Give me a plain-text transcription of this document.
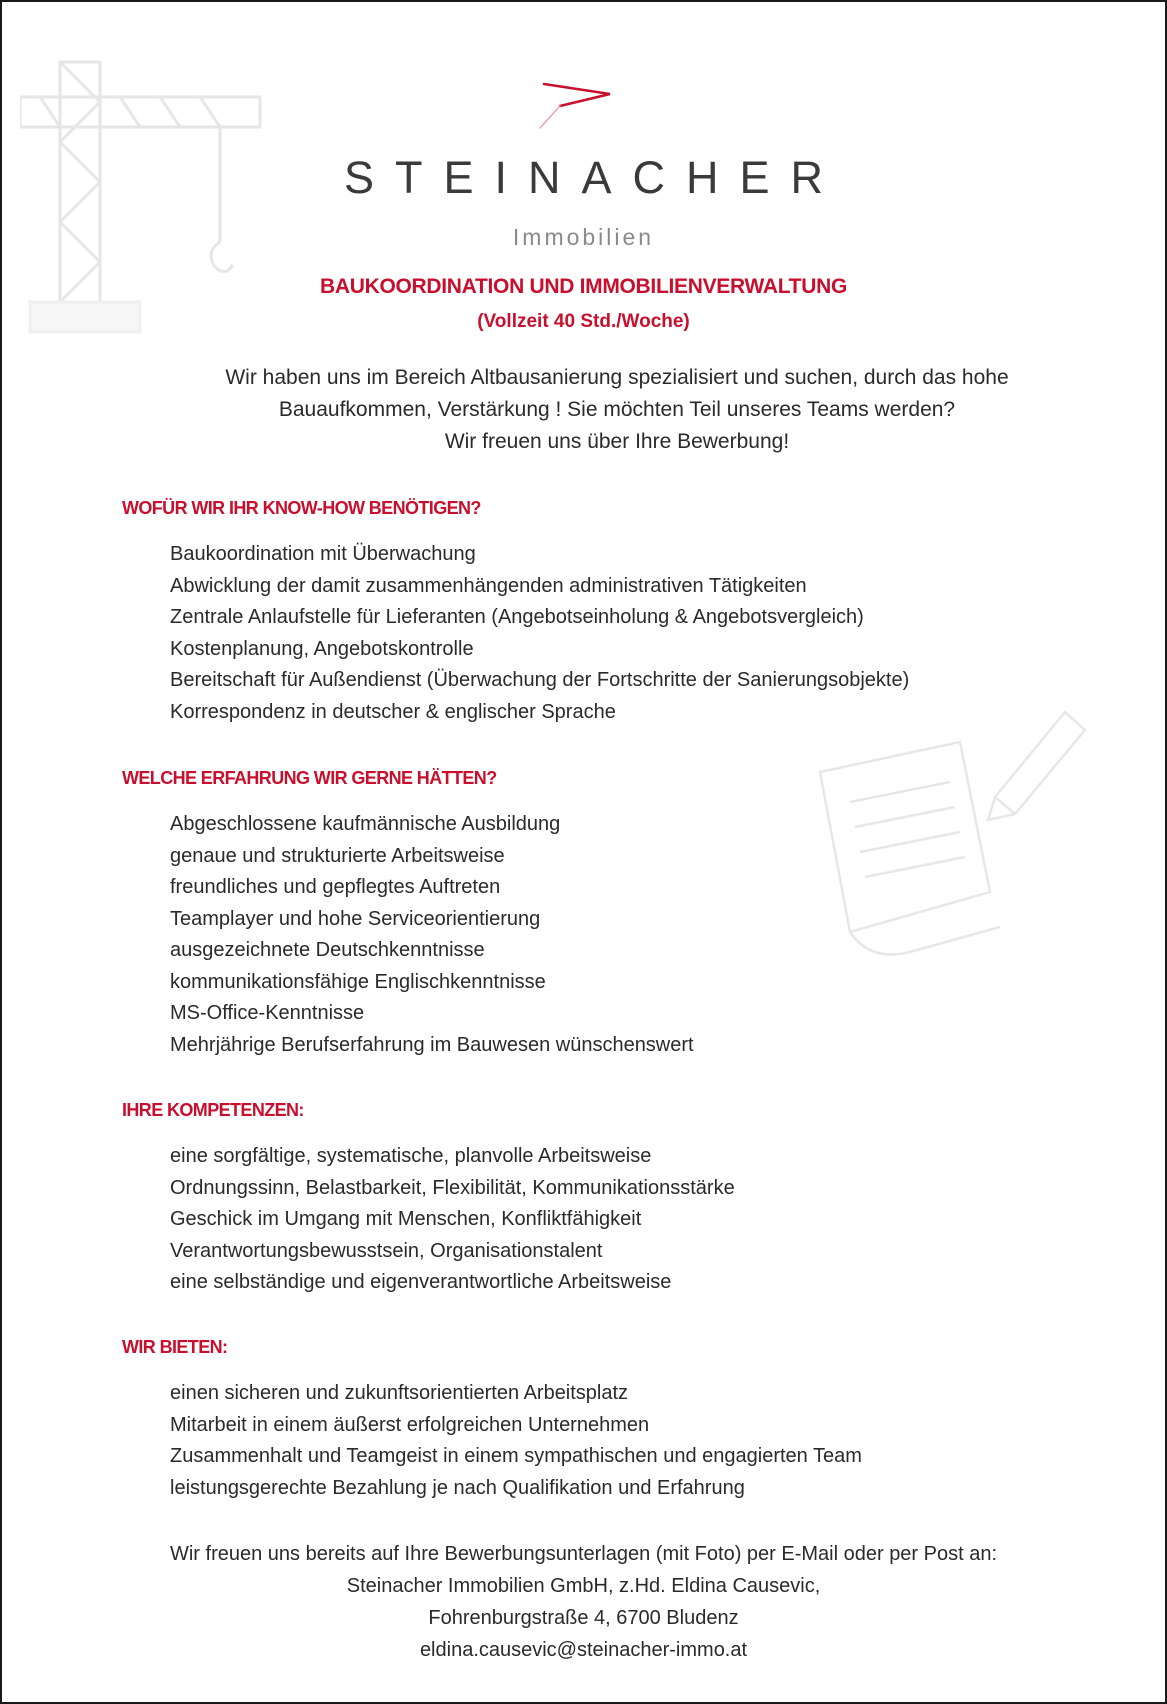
STEINACHER
Immobilien
BAUKOORDINATION UND IMMOBILIENVERWALTUNG
(Vollzeit 40 Std./Woche)
Wir haben uns im Bereich Altbausanierung spezialisiert und suchen, durch das hohe
Bauaufkommen, Verstärkung ! Sie möchten Teil unseres Teams werden?
Wir freuen uns über Ihre Bewerbung!
WOFÜR WIR IHR KNOW-HOW BENÖTIGEN?
Baukoordination mit Überwachung
Abwicklung der damit zusammenhängenden administrativen Tätigkeiten
Zentrale Anlaufstelle für Lieferanten (Angebotseinholung & Angebotsvergleich)
Kostenplanung, Angebotskontrolle
Bereitschaft für Außendienst (Überwachung der Fortschritte der Sanierungsobjekte)
Korrespondenz in deutscher & englischer Sprache
WELCHE ERFAHRUNG WIR GERNE HÄTTEN?
Abgeschlossene kaufmännische Ausbildung
genaue und strukturierte Arbeitsweise
freundliches und gepflegtes Auftreten
Teamplayer und hohe Serviceorientierung
ausgezeichnete Deutschkenntnisse
kommunikationsfähige Englischkenntnisse
MS-Office-Kenntnisse
Mehrjährige Berufserfahrung im Bauwesen wünschenswert
IHRE KOMPETENZEN:
eine sorgfältige, systematische, planvolle Arbeitsweise
Ordnungssinn, Belastbarkeit, Flexibilität, Kommunikationsstärke
Geschick im Umgang mit Menschen, Konfliktfähigkeit
Verantwortungsbewusstsein, Organisationstalent
eine selbständige und eigenverantwortliche Arbeitsweise
WIR BIETEN:
einen sicheren und zukunftsorientierten Arbeitsplatz
Mitarbeit in einem äußerst erfolgreichen Unternehmen
Zusammenhalt und Teamgeist in einem sympathischen und engagierten Team
leistungsgerechte Bezahlung je nach Qualifikation und Erfahrung
Wir freuen uns bereits auf Ihre Bewerbungsunterlagen (mit Foto) per E-Mail oder per Post an:
Steinacher Immobilien GmbH, z.Hd. Eldina Causevic,
Fohrenburgstraße 4, 6700 Bludenz
eldina.causevic@steinacher-immo.at
